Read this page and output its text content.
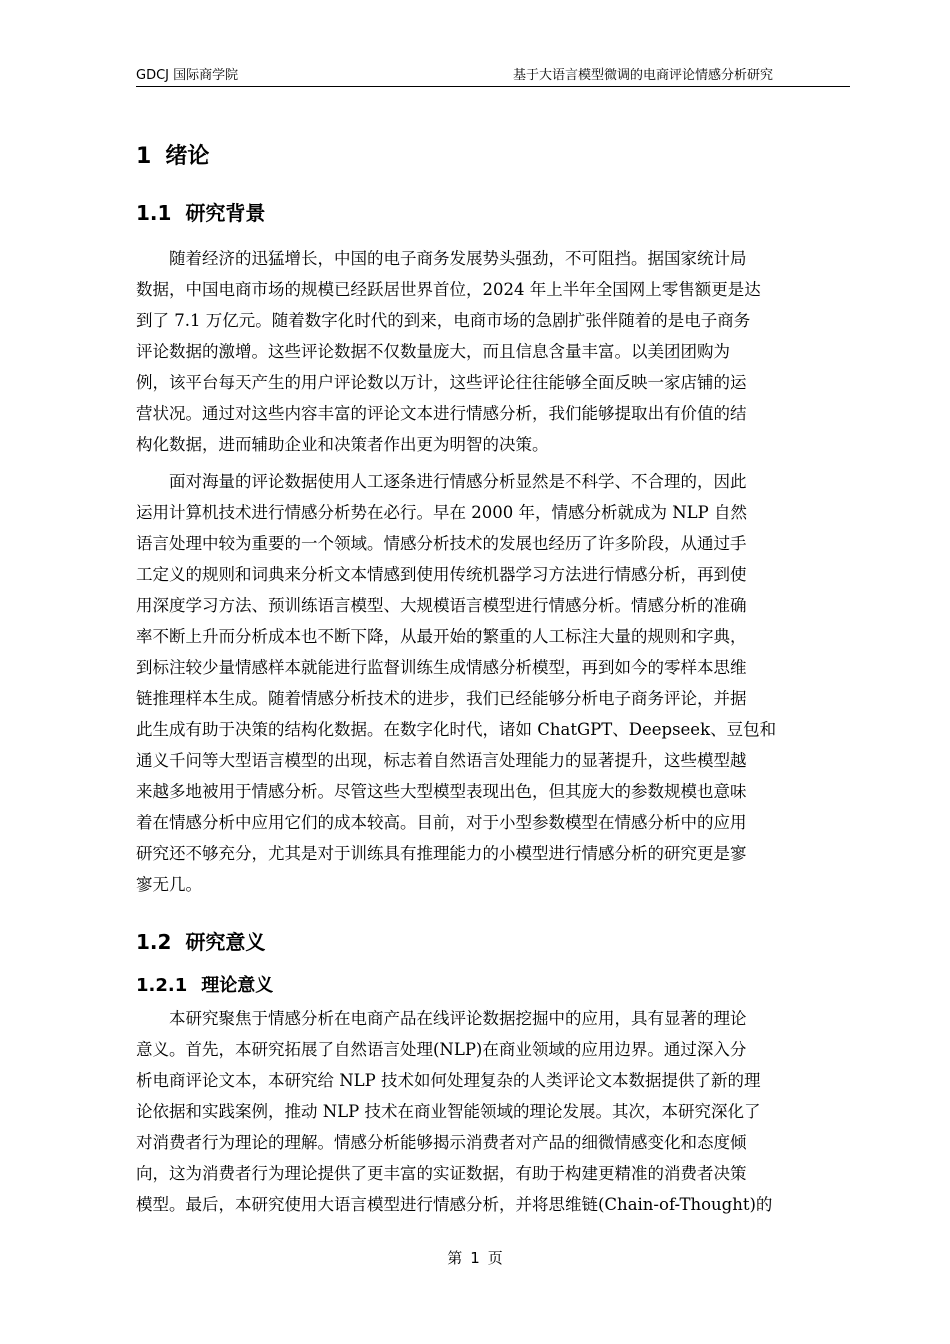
GDCJ 国际商学院	基于大语言模型微调的电商评论情感分析研究
1 绪论
1.1 研究背景
　　随着经济的迅猛增长，中国的电子商务发展势头强劲，不可阻挡。据国家统计局
数据，中国电商市场的规模已经跃居世界首位，2024 年上半年全国网上零售额更是达
到了 7.1 万亿元。随着数字化时代的到来，电商市场的急剧扩张伴随着的是电子商务
评论数据的激增。这些评论数据不仅数量庞大，而且信息含量丰富。以美团团购为
例，该平台每天产生的用户评论数以万计，这些评论往往能够全面反映一家店铺的运
营状况。通过对这些内容丰富的评论文本进行情感分析，我们能够提取出有价值的结
构化数据，进而辅助企业和决策者作出更为明智的决策。
　　面对海量的评论数据使用人工逐条进行情感分析显然是不科学、不合理的，因此
运用计算机技术进行情感分析势在必行。早在 2000 年，情感分析就成为 NLP 自然
语言处理中较为重要的一个领域。情感分析技术的发展也经历了许多阶段，从通过手
工定义的规则和词典来分析文本情感到使用传统机器学习方法进行情感分析，再到使
用深度学习方法、预训练语言模型、大规模语言模型进行情感分析。情感分析的准确
率不断上升而分析成本也不断下降，从最开始的繁重的人工标注大量的规则和字典，
到标注较少量情感样本就能进行监督训练生成情感分析模型，再到如今的零样本思维
链推理样本生成。随着情感分析技术的进步，我们已经能够分析电子商务评论，并据
此生成有助于决策的结构化数据。在数字化时代，诸如 ChatGPT、Deepseek、豆包和
通义千问等大型语言模型的出现，标志着自然语言处理能力的显著提升，这些模型越
来越多地被用于情感分析。尽管这些大型模型表现出色，但其庞大的参数规模也意味
着在情感分析中应用它们的成本较高。目前，对于小型参数模型在情感分析中的应用
研究还不够充分，尤其是对于训练具有推理能力的小模型进行情感分析的研究更是寥
寥无几。
1.2 研究意义
1.2.1 理论意义
　　本研究聚焦于情感分析在电商产品在线评论数据挖掘中的应用，具有显著的理论
意义。首先，本研究拓展了自然语言处理(NLP)在商业领域的应用边界。通过深入分
析电商评论文本，本研究给 NLP 技术如何处理复杂的人类评论文本数据提供了新的理
论依据和实践案例，推动 NLP 技术在商业智能领域的理论发展。其次，本研究深化了
对消费者行为理论的理解。情感分析能够揭示消费者对产品的细微情感变化和态度倾
向，这为消费者行为理论提供了更丰富的实证数据，有助于构建更精准的消费者决策
模型。最后，本研究使用大语言模型进行情感分析，并将思维链(Chain-of-Thought)的
第 1 页
